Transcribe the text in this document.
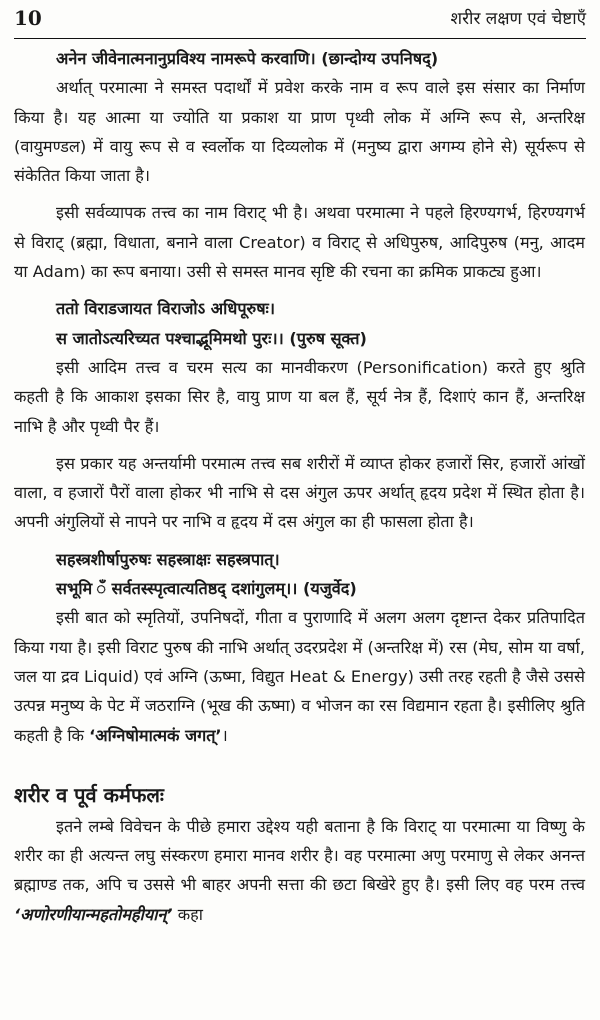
10	शरीर लक्षण एवं चेष्टाएँ

अनेन जीवेनात्मनानुप्रविश्य नामरूपे करवाणि। (छान्दोग्य उपनिषद्)

अर्थात् परमात्मा ने समस्त पदार्थों में प्रवेश करके नाम व रूप वाले इस संसार का निर्माण किया है। यह आत्मा या ज्योति या प्रकाश या प्राण पृथ्वी लोक में अग्नि रूप से, अन्तरिक्ष (वायुमण्डल) में वायु रूप से व स्वर्लोक या दिव्यलोक में (मनुष्य द्वारा अगम्य होने से) सूर्यरूप से संकेतित किया जाता है।

इसी सर्वव्यापक तत्त्व का नाम विराट् भी है। अथवा परमात्मा ने पहले हिरण्यगर्भ, हिरण्यगर्भ से विराट् (ब्रह्मा, विधाता, बनाने वाला Creator) व विराट् से अधिपुरुष, आदिपुरुष (मनु, आदम या Adam) का रूप बनाया। उसी से समस्त मानव सृष्टि की रचना का क्रमिक प्राकट्य हुआ।

ततो विराडजायत विराजोऽ अधिपूरुषः।

स जातोऽत्यरिच्यत पश्चाद्भूमिमथो पुरः।। (पुरुष सूक्त)

इसी आदिम तत्त्व व चरम सत्य का मानवीकरण (Personification) करते हुए श्रुति कहती है कि आकाश इसका सिर है, वायु प्राण या बल हैं, सूर्य नेत्र हैं, दिशाएं कान हैं, अन्तरिक्ष नाभि है और पृथ्वी पैर हैं।

इस प्रकार यह अन्तर्यामी परमात्म तत्त्व सब शरीरों में व्याप्त होकर हजारों सिर, हजारों आंखों वाला, व हजारों पैरों वाला होकर भी नाभि से दस अंगुल ऊपर अर्थात् हृदय प्रदेश में स्थित होता है। अपनी अंगुलियों से नापने पर नाभि व हृदय में दस अंगुल का ही फासला होता है।

सहस्त्रशीर्षापुरुषः सहस्त्राक्षः सहस्त्रपात्।

सभूमि ँ सर्वतस्स्पृत्वात्यतिष्ठद् दशांगुलम्।। (यजुर्वेद)

इसी बात को स्मृतियों, उपनिषदों, गीता व पुराणादि में अलग अलग दृष्टान्त देकर प्रतिपादित किया गया है। इसी विराट पुरुष की नाभि अर्थात् उदरप्रदेश में (अन्तरिक्ष में) रस (मेघ, सोम या वर्षा, जल या द्रव Liquid) एवं अग्नि (ऊष्मा, विद्युत Heat & Energy) उसी तरह रहती है जैसे उससे उत्पन्न मनुष्य के पेट में जठराग्नि (भूख की ऊष्मा) व भोजन का रस विद्यमान रहता है। इसीलिए श्रुति कहती है कि ‘अग्निषोमात्मकं जगत्’।

शरीर व पूर्व कर्मफलः

इतने लम्बे विवेचन के पीछे हमारा उद्देश्य यही बताना है कि विराट् या परमात्मा या विष्णु के शरीर का ही अत्यन्त लघु संस्करण हमारा मानव शरीर है। वह परमात्मा अणु परमाणु से लेकर अनन्त ब्रह्माण्ड तक, अपि च उससे भी बाहर अपनी सत्ता की छटा बिखेरे हुए है। इसी लिए वह परम तत्त्व ‘अणोरणीयान्महतोमहीयान्’ कहा
